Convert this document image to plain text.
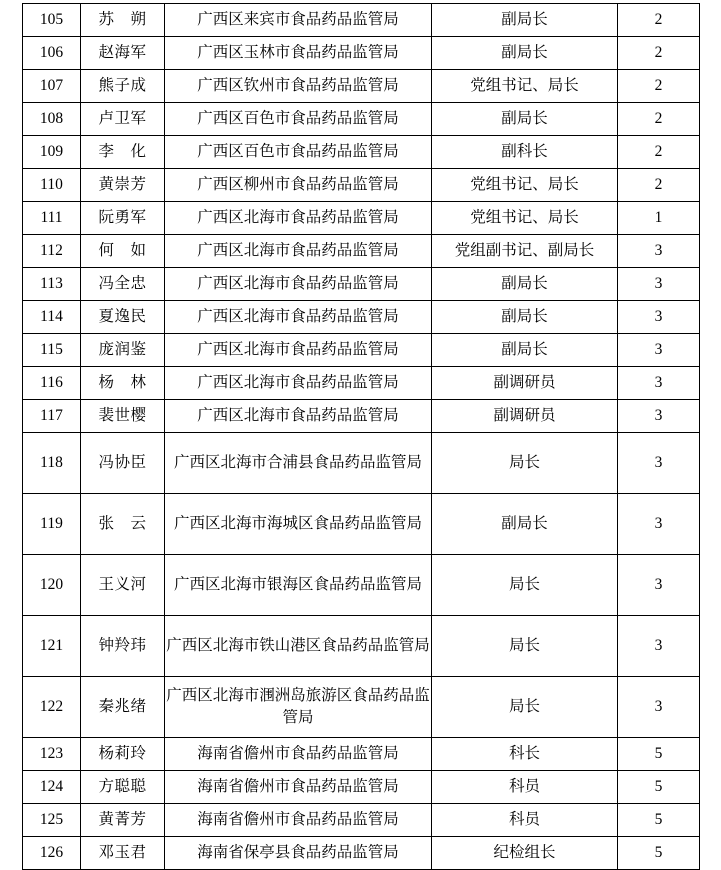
105	苏　朔	广西区来宾市食品药品监管局	副局长	2
106	赵海军	广西区玉林市食品药品监管局	副局长	2
107	熊子成	广西区钦州市食品药品监管局	党组书记、局长	2
108	卢卫军	广西区百色市食品药品监管局	副局长	2
109	李　化	广西区百色市食品药品监管局	副科长	2
110	黄崇芳	广西区柳州市食品药品监管局	党组书记、局长	2
111	阮勇军	广西区北海市食品药品监管局	党组书记、局长	1
112	何　如	广西区北海市食品药品监管局	党组副书记、副局长	3
113	冯全忠	广西区北海市食品药品监管局	副局长	3
114	夏逸民	广西区北海市食品药品监管局	副局长	3
115	庞润鉴	广西区北海市食品药品监管局	副局长	3
116	杨　林	广西区北海市食品药品监管局	副调研员	3
117	裴世樱	广西区北海市食品药品监管局	副调研员	3
118	冯协臣	广西区北海市合浦县食品药品监管局	局长	3
119	张　云	广西区北海市海城区食品药品监管局	副局长	3
120	王义河	广西区北海市银海区食品药品监管局	局长	3
121	钟羚玮	广西区北海市铁山港区食品药品监管局	局长	3
122	秦兆绪	广西区北海市涠洲岛旅游区食品药品监管局	局长	3
123	杨莉玲	海南省儋州市食品药品监管局	科长	5
124	方聪聪	海南省儋州市食品药品监管局	科员	5
125	黄菁芳	海南省儋州市食品药品监管局	科员	5
126	邓玉君	海南省保亭县食品药品监管局	纪检组长	5
